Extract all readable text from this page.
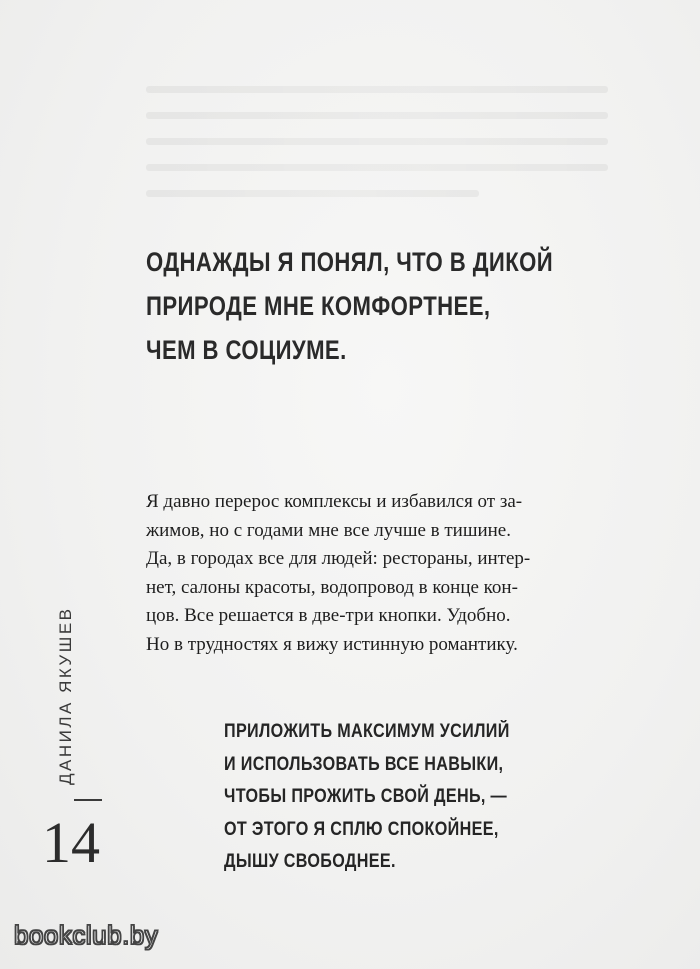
ОДНАЖДЫ Я ПОНЯЛ, ЧТО В ДИКОЙ
ПРИРОДЕ МНЕ КОМФОРТНЕЕ,
ЧЕМ В СОЦИУМЕ.
Я давно перерос комплексы и избавился от за-
жимов, но с годами мне все лучше в тишине.
Да, в городах все для людей: рестораны, интер-
нет, салоны красоты, водопровод в конце кон-
цов. Все решается в две-три кнопки. Удобно.
Но в трудностях я вижу истинную романтику.
ПРИЛОЖИТЬ МАКСИМУМ УСИЛИЙ
И ИСПОЛЬЗОВАТЬ ВСЕ НАВЫКИ,
ЧТОБЫ ПРОЖИТЬ СВОЙ ДЕНЬ, —
ОТ ЭТОГО Я СПЛЮ СПОКОЙНЕЕ,
ДЫШУ СВОБОДНЕЕ.
ДАНИЛА ЯКУШЕВ
14
bookclub.by
